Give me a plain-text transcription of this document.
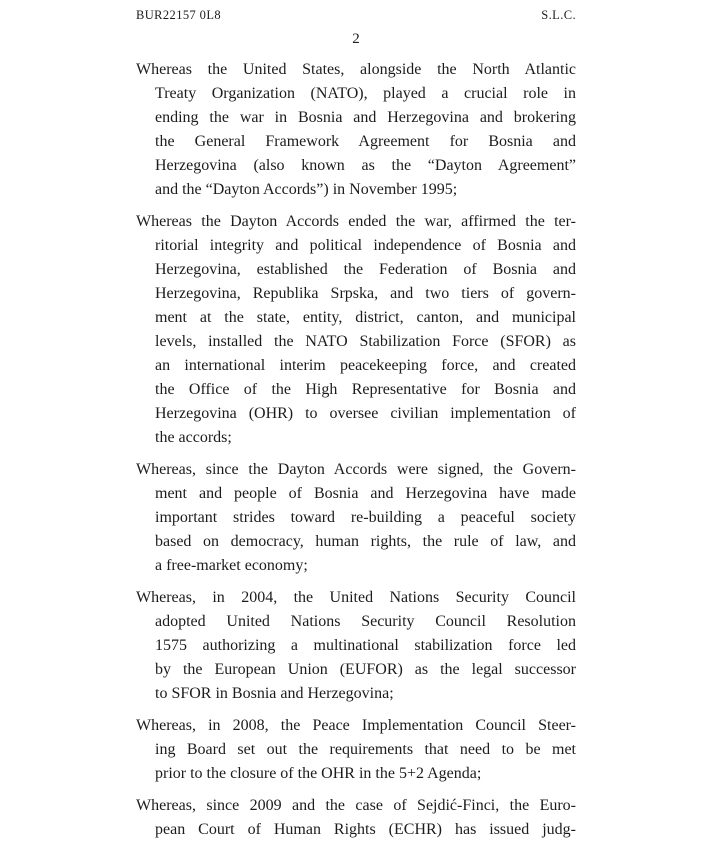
BUR22157 0L8	S.L.C.
2
Whereas the United States, alongside the North Atlantic
Treaty Organization (NATO), played a crucial role in
ending the war in Bosnia and Herzegovina and brokering
the General Framework Agreement for Bosnia and
Herzegovina (also known as the “Dayton Agreement”
and the “Dayton Accords”) in November 1995;
Whereas the Dayton Accords ended the war, affirmed the ter-
ritorial integrity and political independence of Bosnia and
Herzegovina, established the Federation of Bosnia and
Herzegovina, Republika Srpska, and two tiers of govern-
ment at the state, entity, district, canton, and municipal
levels, installed the NATO Stabilization Force (SFOR) as
an international interim peacekeeping force, and created
the Office of the High Representative for Bosnia and
Herzegovina (OHR) to oversee civilian implementation of
the accords;
Whereas, since the Dayton Accords were signed, the Govern-
ment and people of Bosnia and Herzegovina have made
important strides toward re-building a peaceful society
based on democracy, human rights, the rule of law, and
a free-market economy;
Whereas, in 2004, the United Nations Security Council
adopted United Nations Security Council Resolution
1575 authorizing a multinational stabilization force led
by the European Union (EUFOR) as the legal successor
to SFOR in Bosnia and Herzegovina;
Whereas, in 2008, the Peace Implementation Council Steer-
ing Board set out the requirements that need to be met
prior to the closure of the OHR in the 5+2 Agenda;
Whereas, since 2009 and the case of Sejdić-Finci, the Euro-
pean Court of Human Rights (ECHR) has issued judg-
